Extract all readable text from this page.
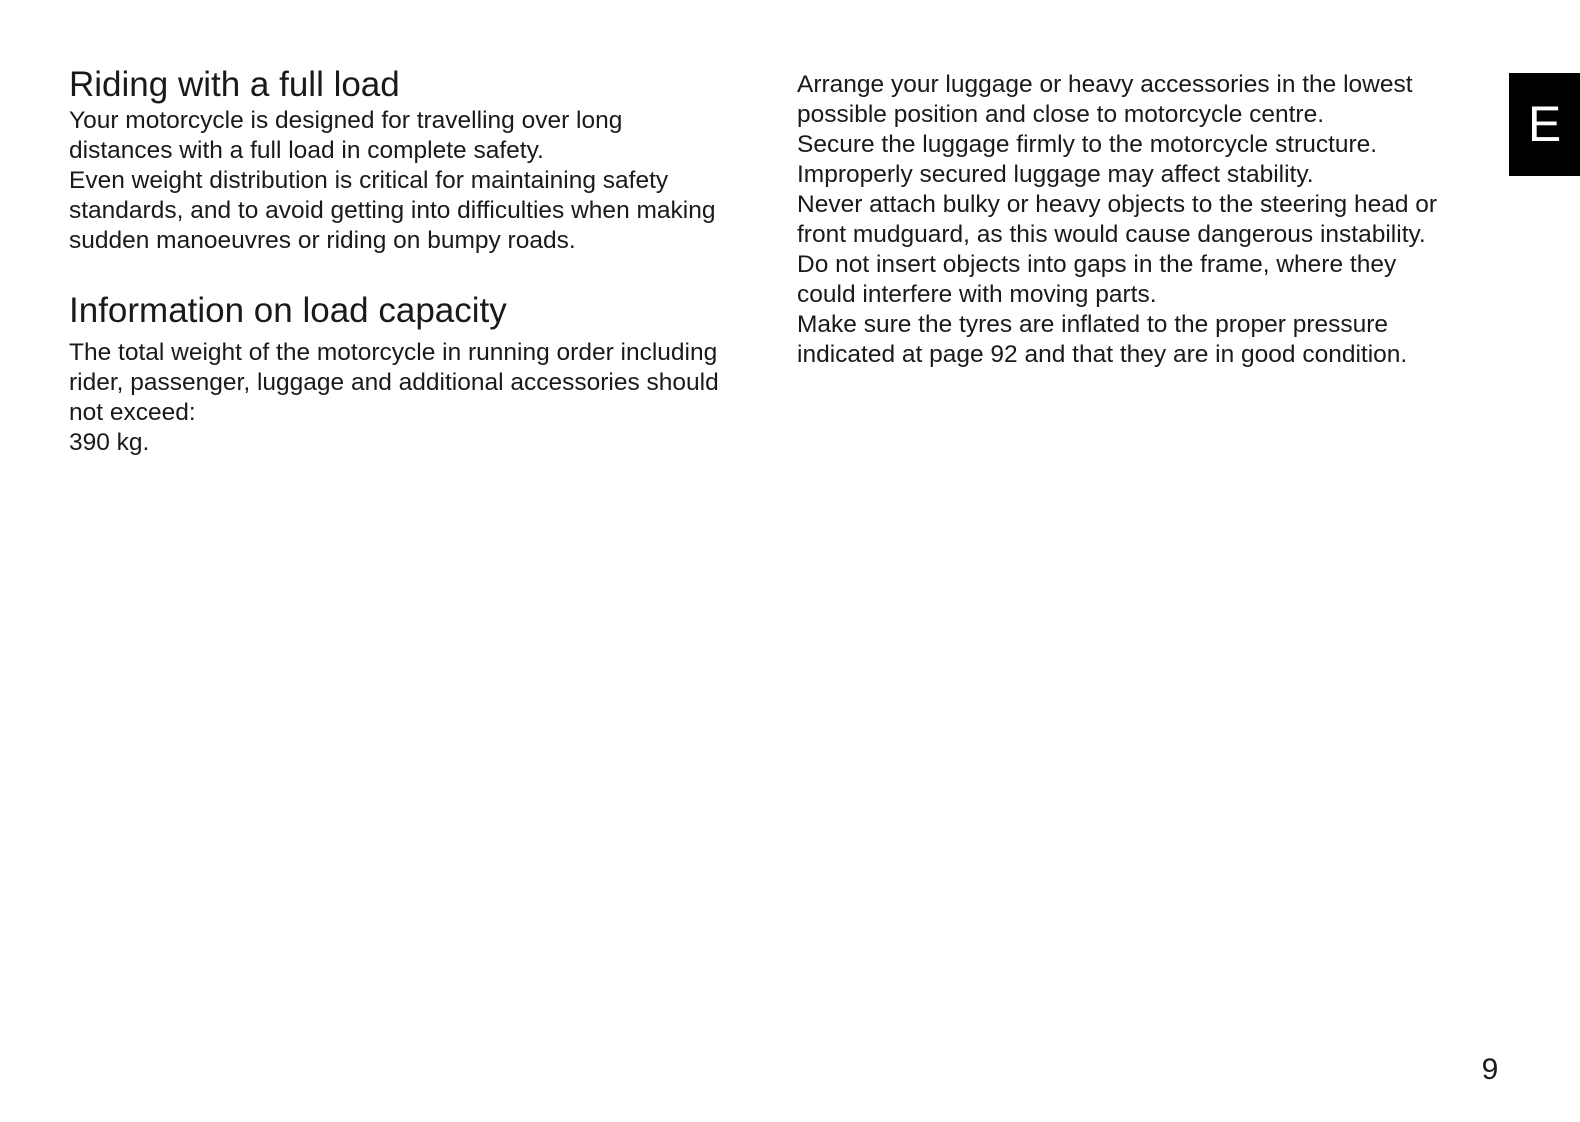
Riding with a full load
Your motorcycle is designed for travelling over long
distances with a full load in complete safety.
Even weight distribution is critical for maintaining safety
standards, and to avoid getting into difficulties when making
sudden manoeuvres or riding on bumpy roads.
Information on load capacity
The total weight of the motorcycle in running order including
rider, passenger, luggage and additional accessories should
not exceed:
390 kg.
Arrange your luggage or heavy accessories in the lowest
possible position and close to motorcycle centre.
Secure the luggage firmly to the motorcycle structure.
Improperly secured luggage may affect stability.
Never attach bulky or heavy objects to the steering head or
front mudguard, as this would cause dangerous instability.
Do not insert objects into gaps in the frame, where they
could interfere with moving parts.
Make sure the tyres are inflated to the proper pressure
indicated at page 92 and that they are in good condition.
E
9
